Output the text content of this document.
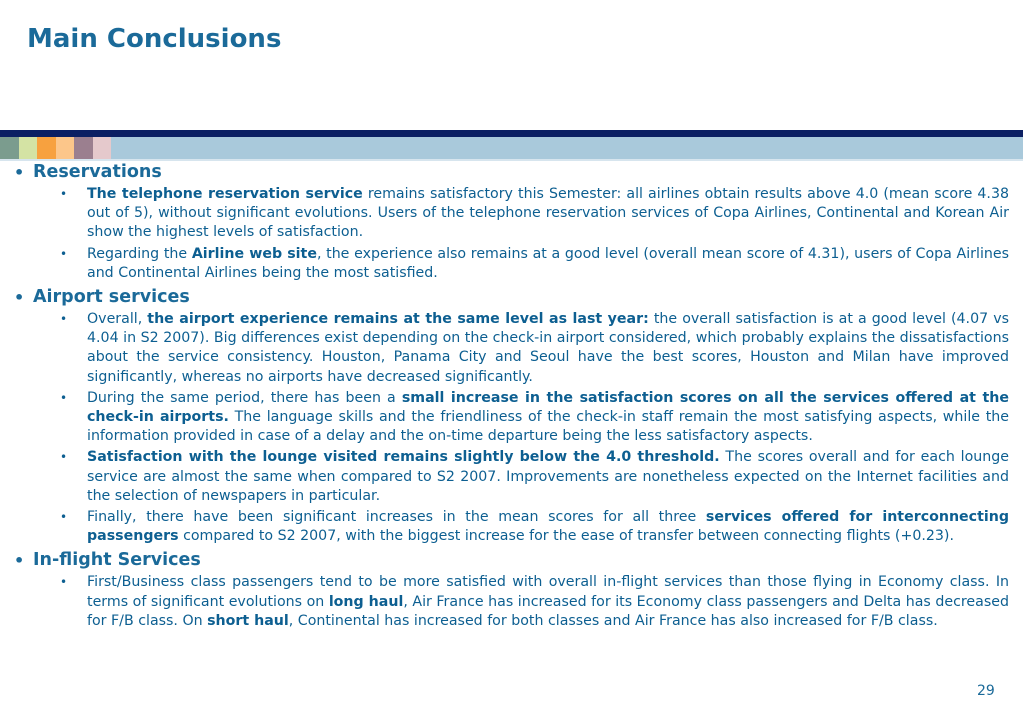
Main Conclusions
• Reservations
• The telephone reservation service remains satisfactory this Semester: all airlines obtain results above 4.0 (mean score 4.38 out of 5), without significant evolutions. Users of the telephone reservation services of Copa Airlines, Continental and Korean Air show the highest levels of satisfaction.
• Regarding the Airline web site, the experience also remains at a good level (overall mean score of 4.31), users of Copa Airlines and Continental Airlines being the most satisfied.
• Airport services
• Overall, the airport experience remains at the same level as last year: the overall satisfaction is at a good level (4.07 vs 4.04 in S2 2007). Big differences exist depending on the check-in airport considered, which probably explains the dissatisfactions about the service consistency. Houston, Panama City and Seoul have the best scores, Houston and Milan have improved significantly, whereas no airports have decreased significantly.
• During the same period, there has been a small increase in the satisfaction scores on all the services offered at the check-in airports. The language skills and the friendliness of the check-in staff remain the most satisfying aspects, while the information provided in case of a delay and the on-time departure being the less satisfactory aspects.
• Satisfaction with the lounge visited remains slightly below the 4.0 threshold. The scores overall and for each lounge service are almost the same when compared to S2 2007. Improvements are nonetheless expected on the Internet facilities and the selection of newspapers in particular.
• Finally, there have been significant increases in the mean scores for all three services offered for interconnecting passengers compared to S2 2007, with the biggest increase for the ease of transfer between connecting flights (+0.23).
• In-flight Services
• First/Business class passengers tend to be more satisfied with overall in-flight services than those flying in Economy class. In terms of significant evolutions on long haul, Air France has increased for its Economy class passengers and Delta has decreased for F/B class. On short haul, Continental has increased for both classes and Air France has also increased for F/B class.
29
